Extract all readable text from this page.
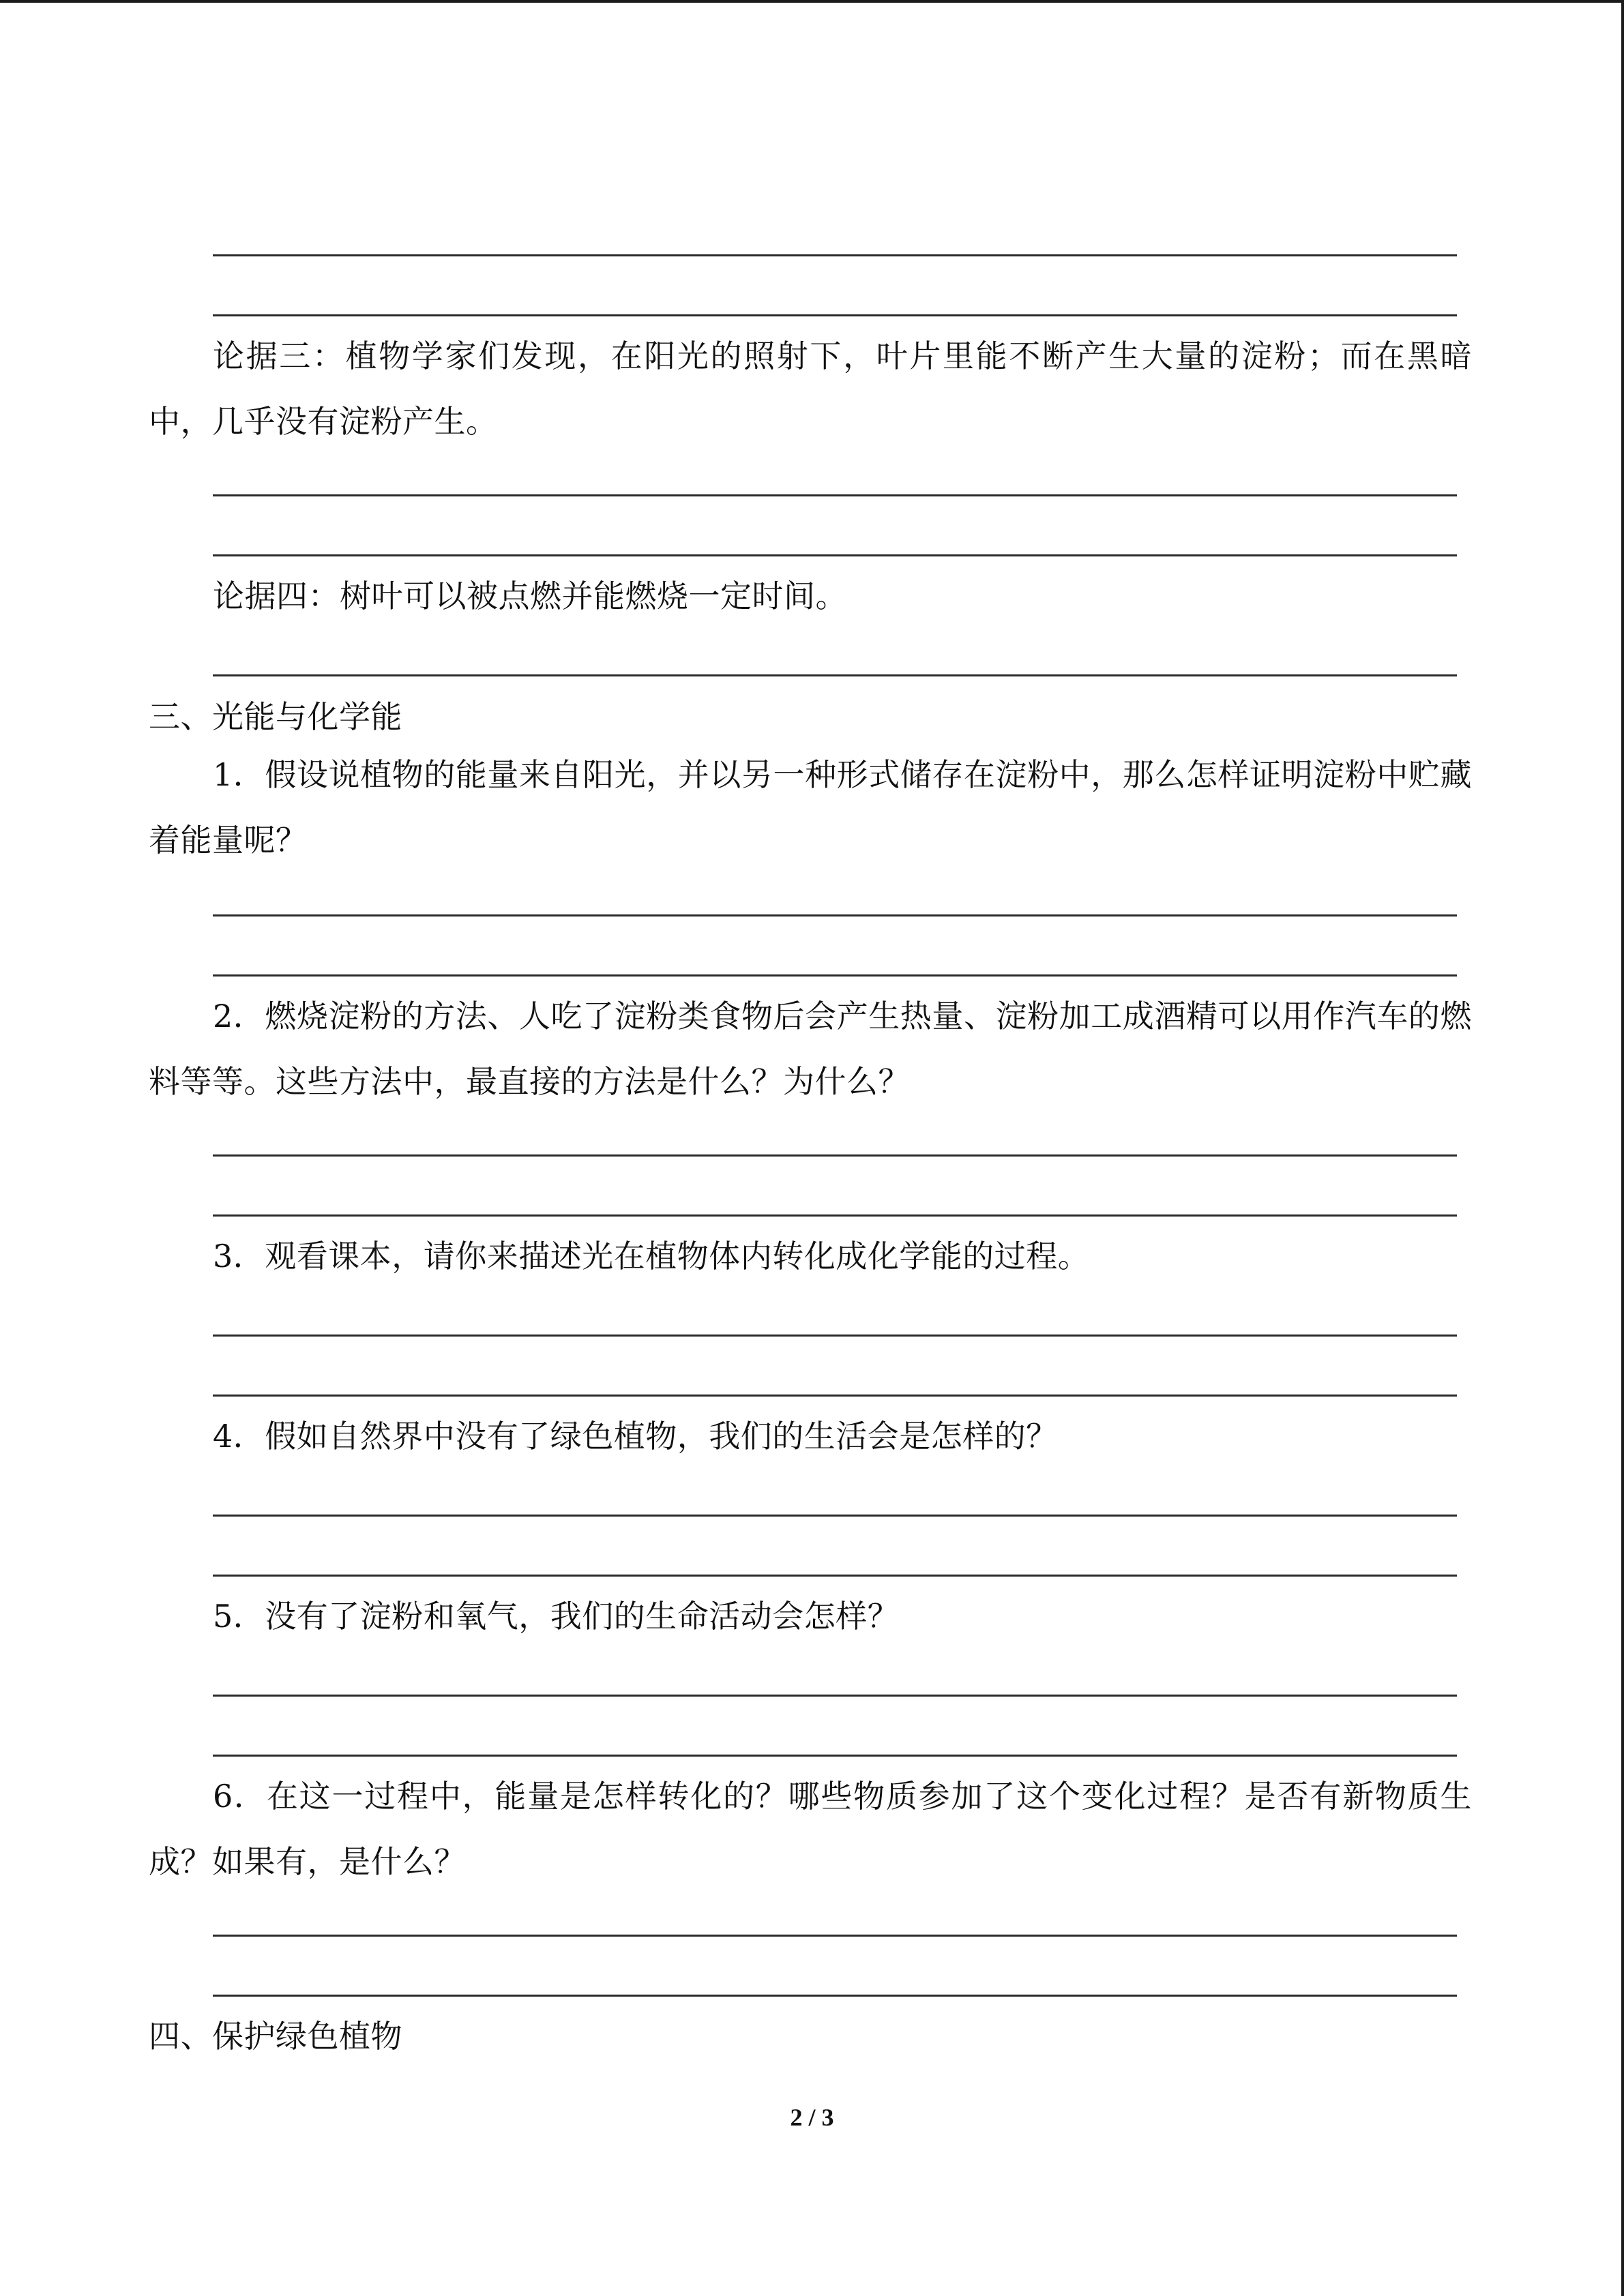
论据三：植物学家们发现，在阳光的照射下，叶片里能不断产生大量的淀粉；而在黑暗中，几乎没有淀粉产生。

论据四：树叶可以被点燃并能燃烧一定时间。

三、光能与化学能

1．假设说植物的能量来自阳光，并以另一种形式储存在淀粉中，那么怎样证明淀粉中贮藏着能量呢？

2．燃烧淀粉的方法、人吃了淀粉类食物后会产生热量、淀粉加工成酒精可以用作汽车的燃料等等。这些方法中，最直接的方法是什么？为什么？

3．观看课本，请你来描述光在植物体内转化成化学能的过程。

4．假如自然界中没有了绿色植物，我们的生活会是怎样的？

5．没有了淀粉和氧气，我们的生命活动会怎样？

6．在这一过程中，能量是怎样转化的？哪些物质参加了这个变化过程？是否有新物质生成？如果有，是什么？

四、保护绿色植物

2 / 3
